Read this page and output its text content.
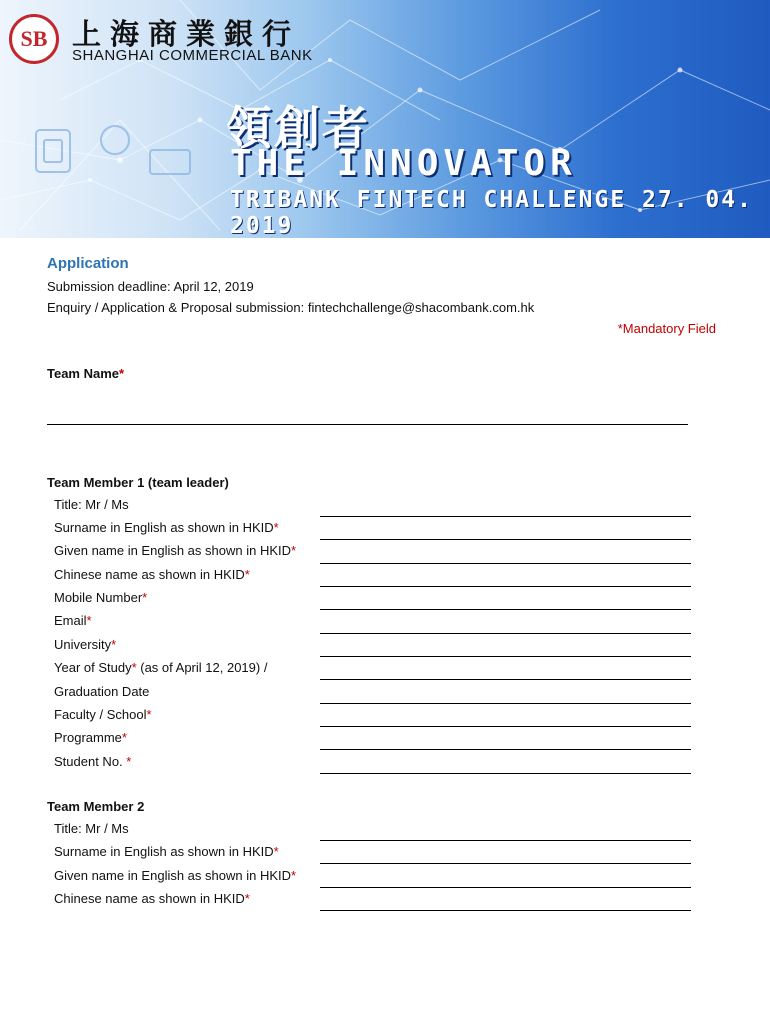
SB 上海商業銀行
SHANGHAI COMMERCIAL BANK
領創者
THE INNOVATOR
TRIBANK FINTECH CHALLENGE 27. 04. 2019
Application
Submission deadline: April 12, 2019
Enquiry / Application & Proposal submission: fintechchallenge@shacombank.com.hk
*Mandatory Field
Team Name*
Team Member 1 (team leader)
Title: Mr / Ms
Surname in English as shown in HKID*
Given name in English as shown in HKID*
Chinese name as shown in HKID*
Mobile Number*
Email*
University*
Year of Study* (as of April 12, 2019) /
Graduation Date
Faculty / School*
Programme*
Student No. *
Team Member 2
Title: Mr / Ms
Surname in English as shown in HKID*
Given name in English as shown in HKID*
Chinese name as shown in HKID*
